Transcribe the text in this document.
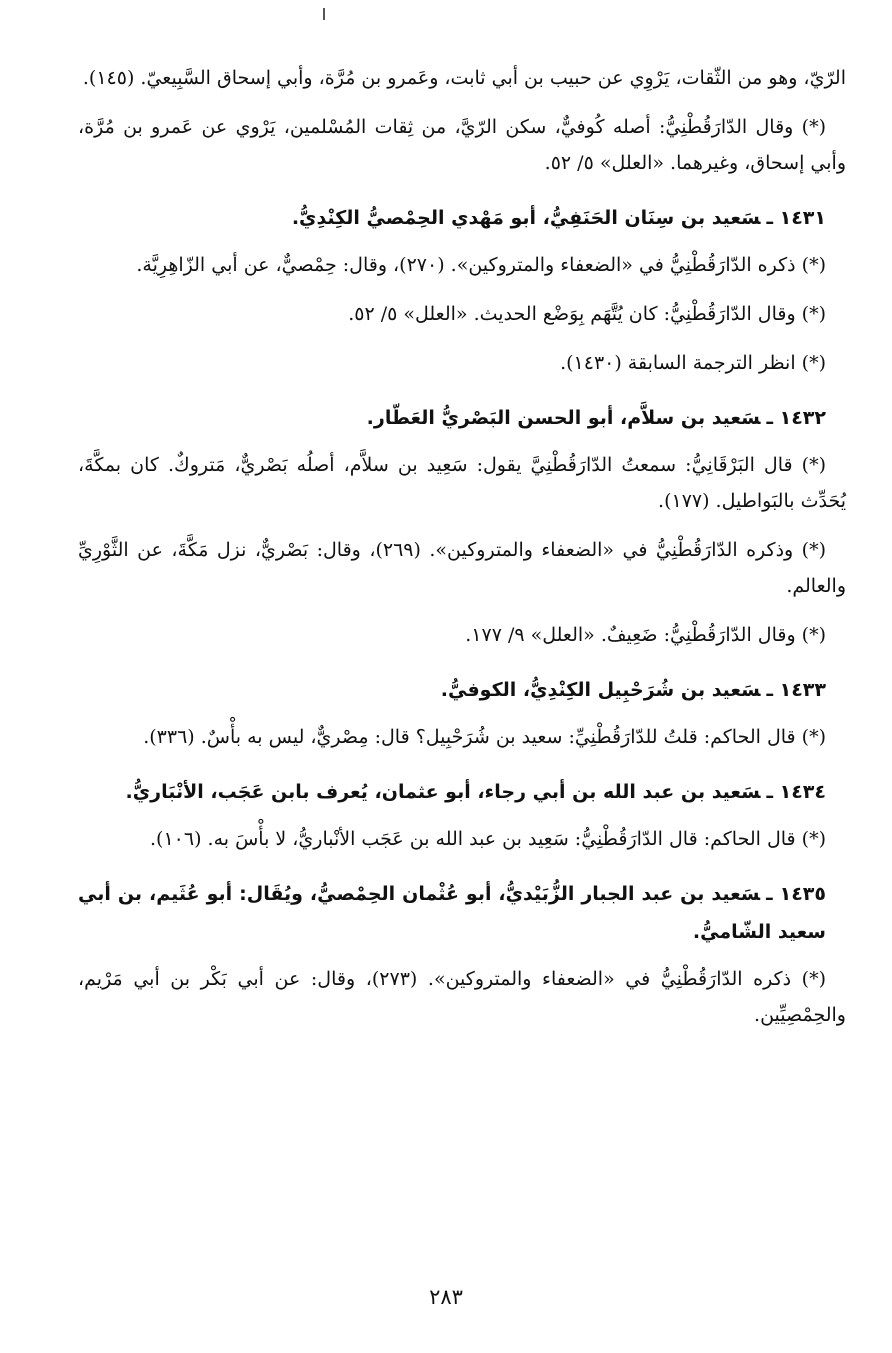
الرّيّ، وهو من الثّقات، يَرْوِي عن حبيب بن أبي ثابت، وعَمرو بن مُرَّة، وأبي إسحاق السَّبِيعيّ. (١٤٥).

(*) وقال الدّارَقُطْنِيُّ: أصله كُوفيٌّ، سكن الرّيَّ، من ثِقات المُسْلمين، يَرْوي عن عَمرو بن مُرَّة، وأبي إسحاق، وغيرهما. «العلل» ٥/ ٥٢.

١٤٣١ ـسَعيد بن سِنَان الحَنَفِيُّ، أبو مَهْدي الحِمْصيُّ الكِنْدِيُّ.

(*) ذكره الدّارَقُطْنِيُّ في «الضعفاء والمتروكين». (٢٧٠)، وقال: حِمْصيٌّ، عن أبي الزّاهِرِيَّة.

(*) وقال الدّارَقُطْنِيُّ: كان يُتَّهَم بِوَضْع الحديث. «العلل» ٥/ ٥٢.

(*) انظر الترجمة السابقة (١٤٣٠).

١٤٣٢ ـسَعيد بن سلاَّم، أبو الحسن البَصْريُّ العَطّار.

(*) قال البَرْقَانِيُّ: سمعتُ الدّارَقُطْنِيَّ يقول: سَعِيد بن سلاَّم، أصلُه بَصْريٌّ، مَتروكٌ. كان بمكَّةَ، يُحَدِّث بالبَواطيل. (١٧٧).

(*) وذكره الدّارَقُطْنِيُّ في «الضعفاء والمتروكين». (٢٦٩)، وقال: بَصْريٌّ، نزل مَكَّةَ، عن الثَّوْرِيِّ والعالم.

(*) وقال الدّارَقُطْنِيُّ: ضَعِيفٌ. «العلل» ٩/ ١٧٧.

١٤٣٣ ـسَعيد بن شُرَحْبِيل الكِنْدِيُّ، الكوفيُّ.

(*) قال الحاكم: قلتُ للدّارَقُطْنِيِّ: سعيد بن شُرَحْبِيل؟ قال: مِصْريٌّ، ليس به بأْسٌ. (٣٣٦).

١٤٣٤ ـسَعيد بن عبد الله بن أبي رجاء، أبو عثمان، يُعرف بابن عَجَب، الأنْبَاريُّ.

(*) قال الحاكم: قال الدّارَقُطْنِيُّ: سَعِيد بن عبد الله بن عَجَب الأنْباريُّ، لا بأْسَ به. (١٠٦).

١٤٣٥ ـسَعيد بن عبد الجبار الزُّبَيْديُّ، أبو عُثْمان الحِمْصيُّ، ويُقَال: أبو عُثَيم، بن أبي سعيد الشّاميُّ.

(*) ذكره الدّارَقُطْنِيُّ في «الضعفاء والمتروكين». (٢٧٣)، وقال: عن أبي بَكْر بن أبي مَرْيم، والحِمْصِيِّين.

٢٨٣
